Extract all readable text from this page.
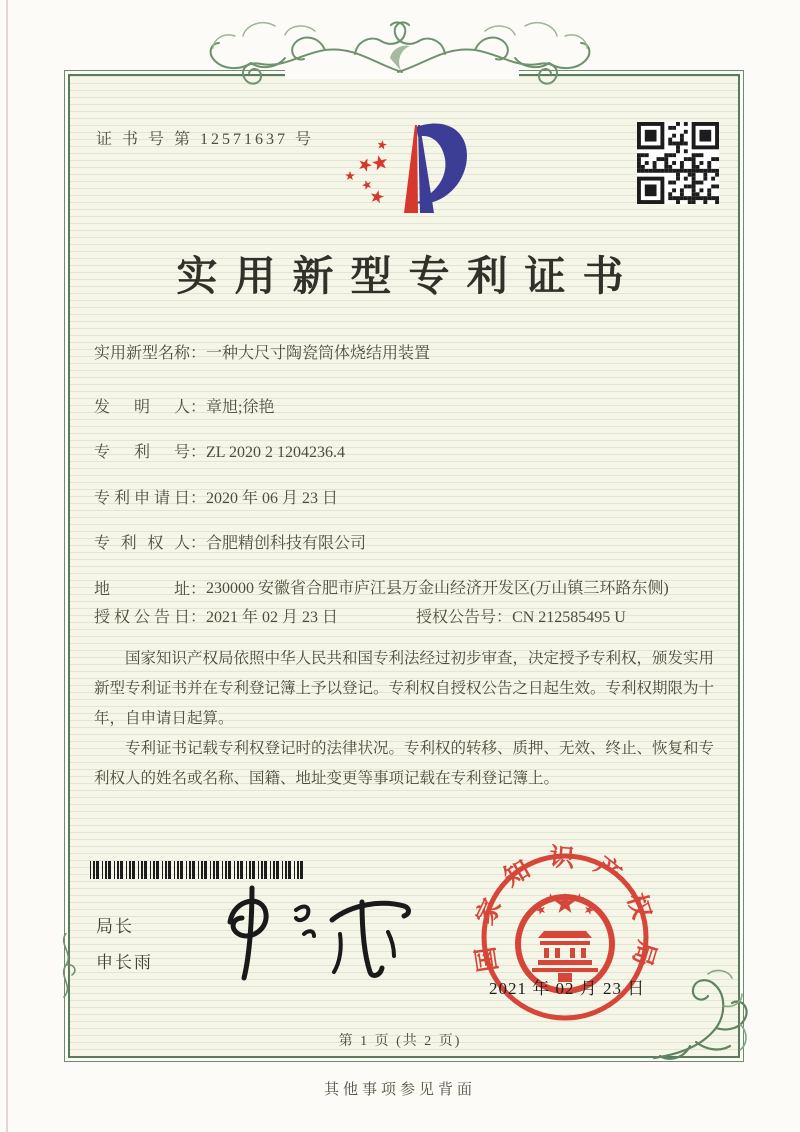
证 书 号 第 12571637 号
实用新型专利证书
实用新型名称 ： 一种大尺寸陶瓷筒体烧结用装置
发明人 ： 章旭;徐艳
专利号 ： ZL 2020 2 1204236.4
专利申请日 ： 2020 年 06 月 23 日
专利权人 ： 合肥精创科技有限公司
地址 ： 230000 安徽省合肥市庐江县万金山经济开发区(万山镇三环路东侧)
授权公告日 ： 2021 年 02 月 23 日	授权公告号 ： CN 212585495 U

国家知识产权局依照中华人民共和国专利法经过初步审查，决定授予专利权，颁发实用新型专利证书并在专利登记簿上予以登记。专利权自授权公告之日起生效。专利权期限为十年，自申请日起算。

专利证书记载专利权登记时的法律状况。专利权的转移、质押、无效、终止、恢复和专利权人的姓名或名称、国籍、地址变更等事项记载在专利登记簿上。

局长
申长雨	国家知识产权局
2021 年 02 月 23 日
第 1 页 (共 2 页)
其他事项参见背面
